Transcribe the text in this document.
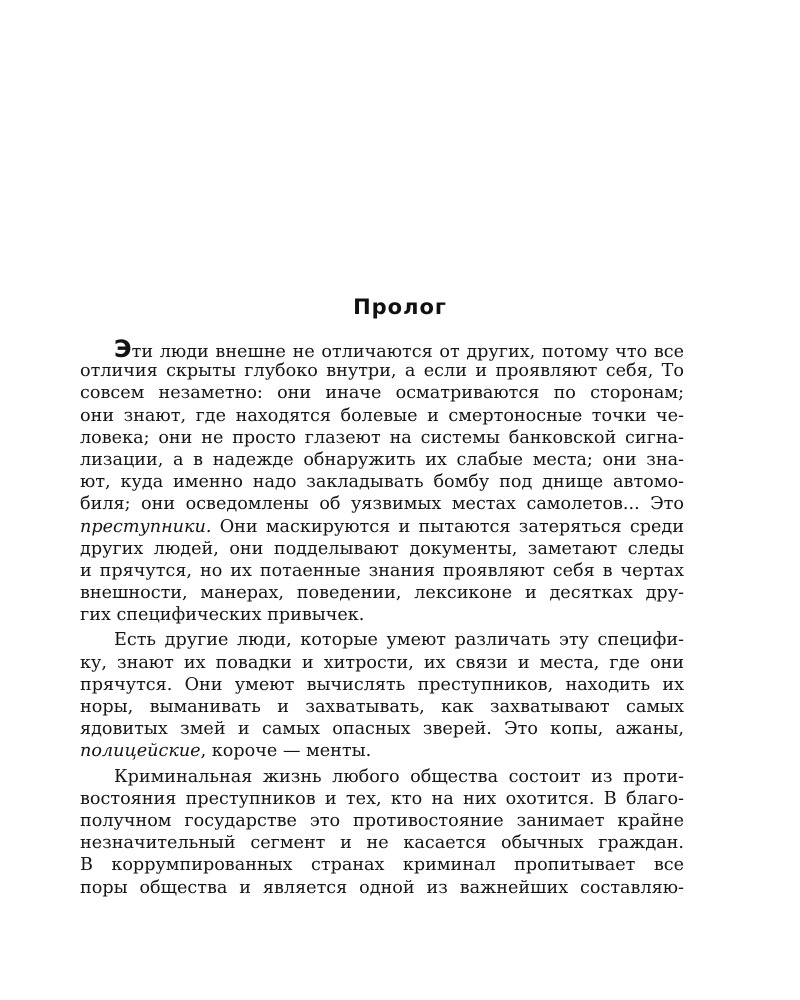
Пролог
Эти люди внешне не отличаются от других, потому что все
отличия скрыты глубоко внутри, а если и проявляют себя, То
совсем незаметно: они иначе осматриваются по сторонам;
они знают, где находятся болевые и смертоносные точки че-
ловека; они не просто глазеют на системы банковской сигна-
лизации, а в надежде обнаружить их слабые места; они зна-
ют, куда именно надо закладывать бомбу под днище автомо-
биля; они осведомлены об уязвимых местах самолетов... Это
преступники. Они маскируются и пытаются затеряться среди
других людей, они подделывают документы, заметают следы
и прячутся, но их потаенные знания проявляют себя в чертах
внешности, манерах, поведении, лексиконе и десятках дру-
гих специфических привычек.
Есть другие люди, которые умеют различать эту специфи-
ку, знают их повадки и хитрости, их связи и места, где они
прячутся. Они умеют вычислять преступников, находить их
норы, выманивать и захватывать, как захватывают самых
ядовитых змей и самых опасных зверей. Это копы, ажаны,
полицейские, короче — менты.
Криминальная жизнь любого общества состоит из проти-
востояния преступников и тех, кто на них охотится. В благо-
получном государстве это противостояние занимает крайне
незначительный сегмент и не касается обычных граждан.
В коррумпированных странах криминал пропитывает все
поры общества и является одной из важнейших составляю-
